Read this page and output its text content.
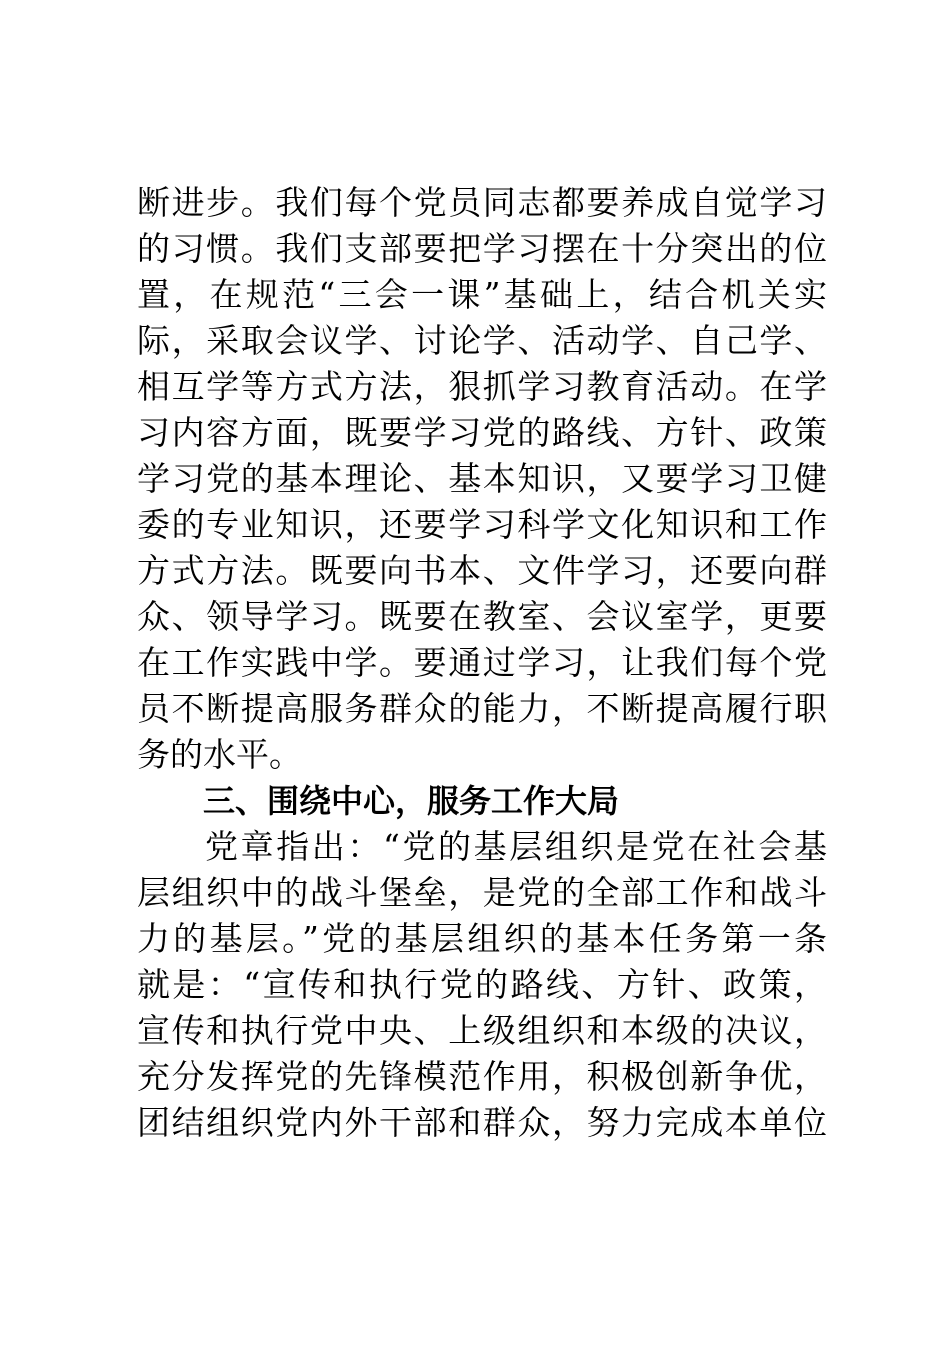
断进步。我们每个党员同志都要养成自觉学习
的习惯。我们支部要把学习摆在十分突出的位
置，在规范“三会一课”基础上，结合机关实
际，采取会议学、讨论学、活动学、自己学、
相互学等方式方法，狠抓学习教育活动。在学
习内容方面，既要学习党的路线、方针、政策
学习党的基本理论、基本知识，又要学习卫健
委的专业知识，还要学习科学文化知识和工作
方式方法。既要向书本、文件学习，还要向群
众、领导学习。既要在教室、会议室学，更要
在工作实践中学。要通过学习，让我们每个党
员不断提高服务群众的能力，不断提高履行职
务的水平。
三、围绕中心，服务工作大局
党章指出：“党的基层组织是党在社会基
层组织中的战斗堡垒，是党的全部工作和战斗
力的基层。”党的基层组织的基本任务第一条
就是：“宣传和执行党的路线、方针、政策，
宣传和执行党中央、上级组织和本级的决议，
充分发挥党的先锋模范作用，积极创新争优，
团结组织党内外干部和群众，努力完成本单位
